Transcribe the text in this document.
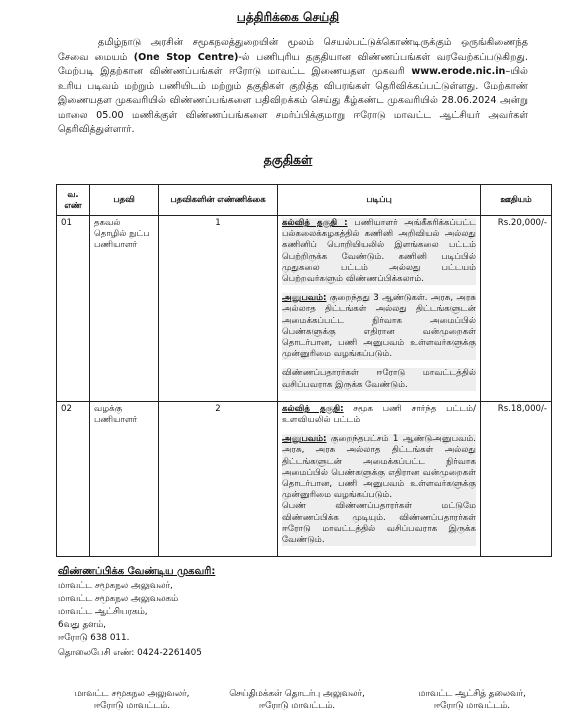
பத்திரிக்கை செய்தி
தமிழ்நாடு அரசின் சமூகநலத்துறையின் மூலம் செயல்பட்டுக்கொண்டிருக்கும் ஒருங்கிணைந்த சேவை மையம் (One Stop Centre)-ல் பணிபுரிய தகுதியான விண்ணப்பங்கள் வரவேற்கப்படுகிறது. மேற்படி இதற்கான விண்ணப்பங்கள் ஈரோடு மாவட்ட இணையதள முகவரி www.erode.nic.in–யில் உரிய படிவம் மற்றும் பணியிடம் மற்றும் தகுதிகள் குறித்த விபரங்கள் தெரிவிக்கப்பட்டுள்ளது. மேற்காண் இணையதள முகவரியில் விண்ணப்பங்களை பதிவிறக்கம் செய்து கீழ்கண்ட முகவரியில் 28.06.2024 அன்று மாலை 05.00 மணிக்குள் விண்ணப்பங்களை சமர்ப்பிக்குமாறு ஈரோடு மாவட்ட ஆட்சியர் அவர்கள் தெரிவித்துள்ளார்.
தகுதிகள்
வ. எண்	பதவி	பதவிகளின் எண்ணிக்கை	படிப்பு	ஊதியம்
01	தகவல் தொழில் நுட்ப பணியாளர்	1	கல்வித் தகுதி : பணியாளர் அங்கீகரிக்கப்பட்ட பல்கலைக்கழகத்தில் கணினி அறிவியல் அல்லது கணினிப் பொறியியலில் இளங்கலை பட்டம் பெற்றிருக்க வேண்டும். கணினி படிப்பில் முதுகலை பட்டம் அல்லது பட்டயம் பெற்றவர்களும் விண்ணப்பிக்கலாம்.
அனுபவம்: குறைந்தது 3 ஆண்டுகள். அரசு, அரசு அல்லாத திட்டங்கள் அல்லது திட்டங்களுடன் அமைக்கப்பட்ட நிர்வாக அமைப்பில் பெண்களுக்கு எதிரான வன்முறைகள் தொடர்பான, பணி அனுபவம் உள்ளவர்களுக்கு முன்னுரிமை வழங்கப்படும்.
விண்ணப்பதாரர்கள் ஈரோடு மாவட்டத்தில் வசிப்பவராக இருக்க வேண்டும்.	Rs.20,000/-
02	வழக்கு பணியாளர்	2	கல்வித் தகுதி: சமூக பணி சார்ந்த பட்டம்/ உளவியலில் பட்டம்
அனுபவம்: குறைந்தபட்சம் 1 ஆண்டுஅனுபவம். அரசு, அரசு அல்லாத திட்டங்கள் அல்லது திட்டங்களுடன் அமைக்கப்பட்ட நிர்வாக அமைப்பில் பெண்களுக்கு எதிரான வன்முறைகள் தொடர்பான, பணி அனுபவம் உள்ளவர்களுக்கு முன்னுரிமை வழங்கப்படும்.
பெண் விண்ணப்பதாரர்கள் மட்டுமே விண்ணப்பிக்க முடியும். விண்ணப்பதாரர்கள் ஈரோடு மாவட்டத்தில் வசிப்பவராக இருக்க வேண்டும்.	Rs.18,000/-
விண்ணப்பிக்க வேண்டிய முகவரி:
மாவட்ட சமூகநல அலுவலர்,
மாவட்ட சமூகநல அலுவலகம்
மாவட்ட ஆட்சியரகம்,
6வது தளம்,
ஈரோடு 638 011.
தொலைபேசி எண்: 0424-2261405
மாவட்ட சமூகநல அலுவலர்,
ஈரோடு மாவட்டம்.
செய்திமக்கள் தொடர்பு அலுவலர்,
ஈரோடு மாவட்டம்.
மாவட்ட ஆட்சித் தலைவர்,
ஈரோடு மாவட்டம்.
